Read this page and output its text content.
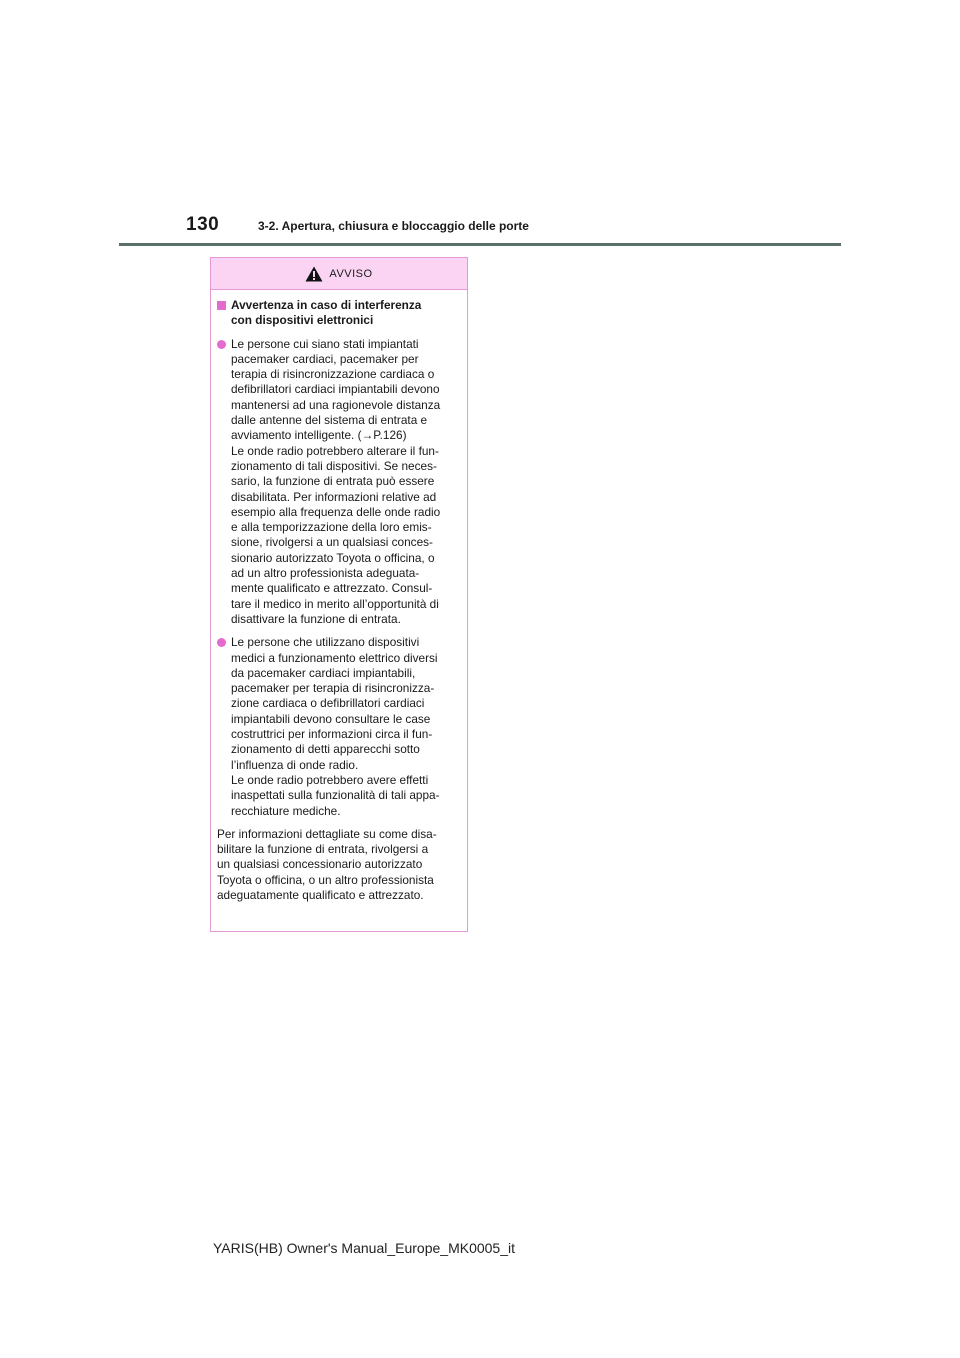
130	3-2. Apertura, chiusura e bloccaggio delle porte
AVVISO
Avvertenza in caso di interferenza
con dispositivi elettronici
Le persone cui siano stati impiantati
pacemaker cardiaci, pacemaker per
terapia di risincronizzazione cardiaca o
defibrillatori cardiaci impiantabili devono
mantenersi ad una ragionevole distanza
dalle antenne del sistema di entrata e
avviamento intelligente. (→P.126)
Le onde radio potrebbero alterare il fun-
zionamento di tali dispositivi. Se neces-
sario, la funzione di entrata può essere
disabilitata. Per informazioni relative ad
esempio alla frequenza delle onde radio
e alla temporizzazione della loro emis-
sione, rivolgersi a un qualsiasi conces-
sionario autorizzato Toyota o officina, o
ad un altro professionista adeguata-
mente qualificato e attrezzato. Consul-
tare il medico in merito all’opportunità di
disattivare la funzione di entrata.
Le persone che utilizzano dispositivi
medici a funzionamento elettrico diversi
da pacemaker cardiaci impiantabili,
pacemaker per terapia di risincronizza-
zione cardiaca o defibrillatori cardiaci
impiantabili devono consultare le case
costruttrici per informazioni circa il fun-
zionamento di detti apparecchi sotto
l’influenza di onde radio.
Le onde radio potrebbero avere effetti
inaspettati sulla funzionalità di tali appa-
recchiature mediche.
Per informazioni dettagliate su come disa-
bilitare la funzione di entrata, rivolgersi a
un qualsiasi concessionario autorizzato
Toyota o officina, o un altro professionista
adeguatamente qualificato e attrezzato.
YARIS(HB) Owner's Manual_Europe_MK0005_it
